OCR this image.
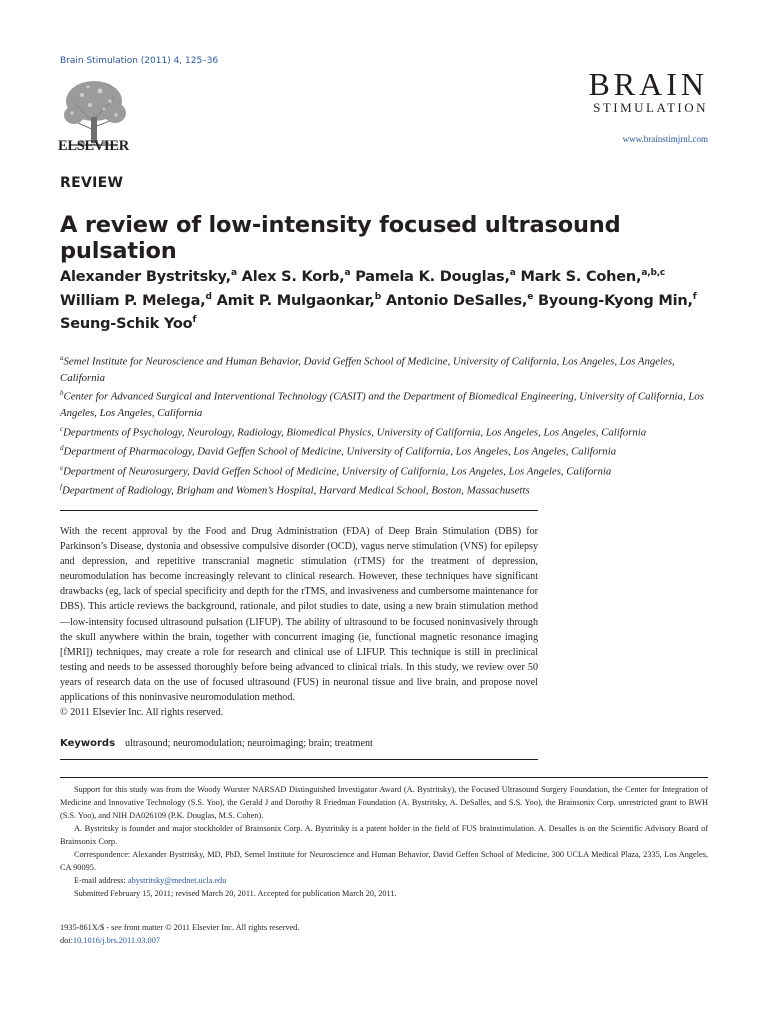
Brain Stimulation (2011) 4, 125–36
ELSEVIER
BRAIN
STIMULATION
www.brainstimjrnl.com
REVIEW
A review of low-intensity focused ultrasound pulsation
Alexander Bystritsky,$^a$ Alex S. Korb,$^a$ Pamela K. Douglas,$^a$ Mark S. Cohen,$^{a,b,c}$
William P. Melega,$^d$ Amit P. Mulgaonkar,$^b$ Antonio DeSalles,$^e$ Byoung-Kyong Min,$^f$
Seung-Schik Yoo$^f$
$^a$Semel Institute for Neuroscience and Human Behavior, David Geffen School of Medicine, University of California, Los Angeles, Los Angeles, California
$^b$Center for Advanced Surgical and Interventional Technology (CASIT) and the Department of Biomedical Engineering, University of California, Los Angeles, Los Angeles, California
$^c$Departments of Psychology, Neurology, Radiology, Biomedical Physics, University of California, Los Angeles, Los Angeles, California
$^d$Department of Pharmacology, David Geffen School of Medicine, University of California, Los Angeles, Los Angeles, California
$^e$Department of Neurosurgery, David Geffen School of Medicine, University of California, Los Angeles, Los Angeles, California
$^f$Department of Radiology, Brigham and Women’s Hospital, Harvard Medical School, Boston, Massachusetts
With the recent approval by the Food and Drug Administration (FDA) of Deep Brain Stimulation (DBS) for Parkinson’s Disease, dystonia and obsessive compulsive disorder (OCD), vagus nerve stimulation (VNS) for epilepsy and depression, and repetitive transcranial magnetic stimulation (rTMS) for the treatment of depression, neuromodulation has become increasingly relevant to clinical research. However, these techniques have significant drawbacks (eg, lack of special specificity and depth for the rTMS, and invasiveness and cumbersome maintenance for DBS). This article reviews the background, rationale, and pilot studies to date, using a new brain stimulation method—low-intensity focused ultrasound pulsation (LIFUP). The ability of ultrasound to be focused noninvasively through the skull anywhere within the brain, together with concurrent imaging (ie, functional magnetic resonance imaging [fMRI]) techniques, may create a role for research and clinical use of LIFUP. This technique is still in preclinical testing and needs to be assessed thoroughly before being advanced to clinical trials. In this study, we review over 50 years of research data on the use of focused ultrasound (FUS) in neuronal tissue and live brain, and propose novel applications of this noninvasive neuromodulation method.
© 2011 Elsevier Inc. All rights reserved.
Keywords ultrasound; neuromodulation; neuroimaging; brain; treatment

Support for this study was from the Woody Wurster NARSAD Distinguished Investigator Award (A. Bystritsky), the Focused Ultrasound Surgery Foundation, the Center for Integration of Medicine and Innovative Technology (S.S. Yoo), the Gerald J and Dorothy R Friedman Foundation (A. Bystritsky, A. DeSalles, and S.S. Yoo), the Brainsonix Corp. unrestricted grant to BWH (S.S. Yoo), and NIH DA026109 (P.K. Douglas, M.S. Cohen).

A. Bystritsky is founder and major stockholder of Brainsonix Corp. A. Bystritsky is a patent holder in the field of FUS brainstimulation. A. Desalles is on the Scientific Advisory Board of Brainsonix Corp.

Correspondence: Alexander Bystritsky, MD, PhD, Semel Institute for Neuroscience and Human Behavior, David Geffen School of Medicine, 300 UCLA Medical Plaza, 2335, Los Angeles, CA 90095.

E-mail address: abystritsky@mednet.ucla.edu

Submitted February 15, 2011; revised March 20, 2011. Accepted for publication March 20, 2011.

1935-861X/$ - see front matter © 2011 Elsevier Inc. All rights reserved.
doi:10.1016/j.brs.2011.03.007
